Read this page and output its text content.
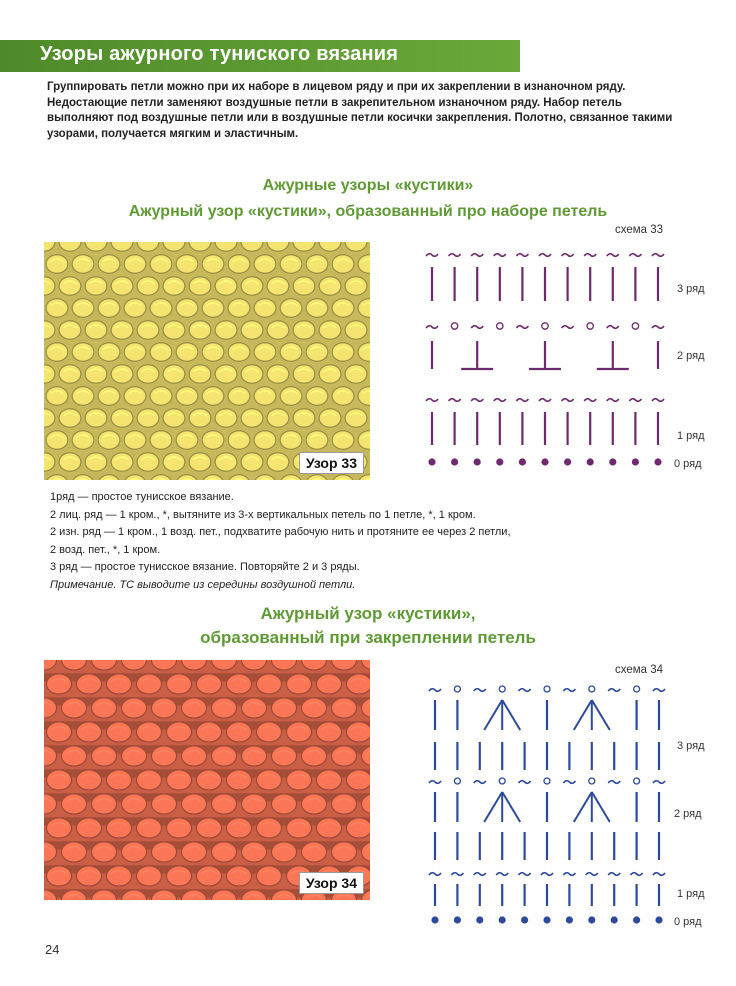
Узоры ажурного туниского вязания

Группировать петли можно при их наборе в лицевом ряду и при их закреплении в изнаночном ряду. Недостающие петли заменяют воздушные петли в закрепительном изнаночном ряду. Набор петель выполняют под воздушные петли или в воздушные петли косички закрепления. Полотно, связанное такими узорами, получается мягким и эластичным.

Ажурные узоры «кустики»
Ажурный узор «кустики», образованный про наборе петель
схема 33
Узор 33
3 ряд
2 ряд
1 ряд
0 ряд

1ряд — простое тунисское вязание.

2 лиц. ряд — 1 кром., *, вытяните из 3-х вертикальных петель по 1 петле, *, 1 кром.

2 изн. ряд — 1 кром., 1 возд. пет., подхватите рабочую нить и протяните ее через 2 петли,

2 возд. пет., *, 1 кром.

3 ряд — простое тунисское вязание. Повторяйте 2 и 3 ряды.

Примечание. ТС выводите из середины воздушной петли.

Ажурный узор «кустики»,
образованный при закреплении петель
схема 34
Узор 34
3 ряд
2 ряд
1 ряд
0 ряд
24
